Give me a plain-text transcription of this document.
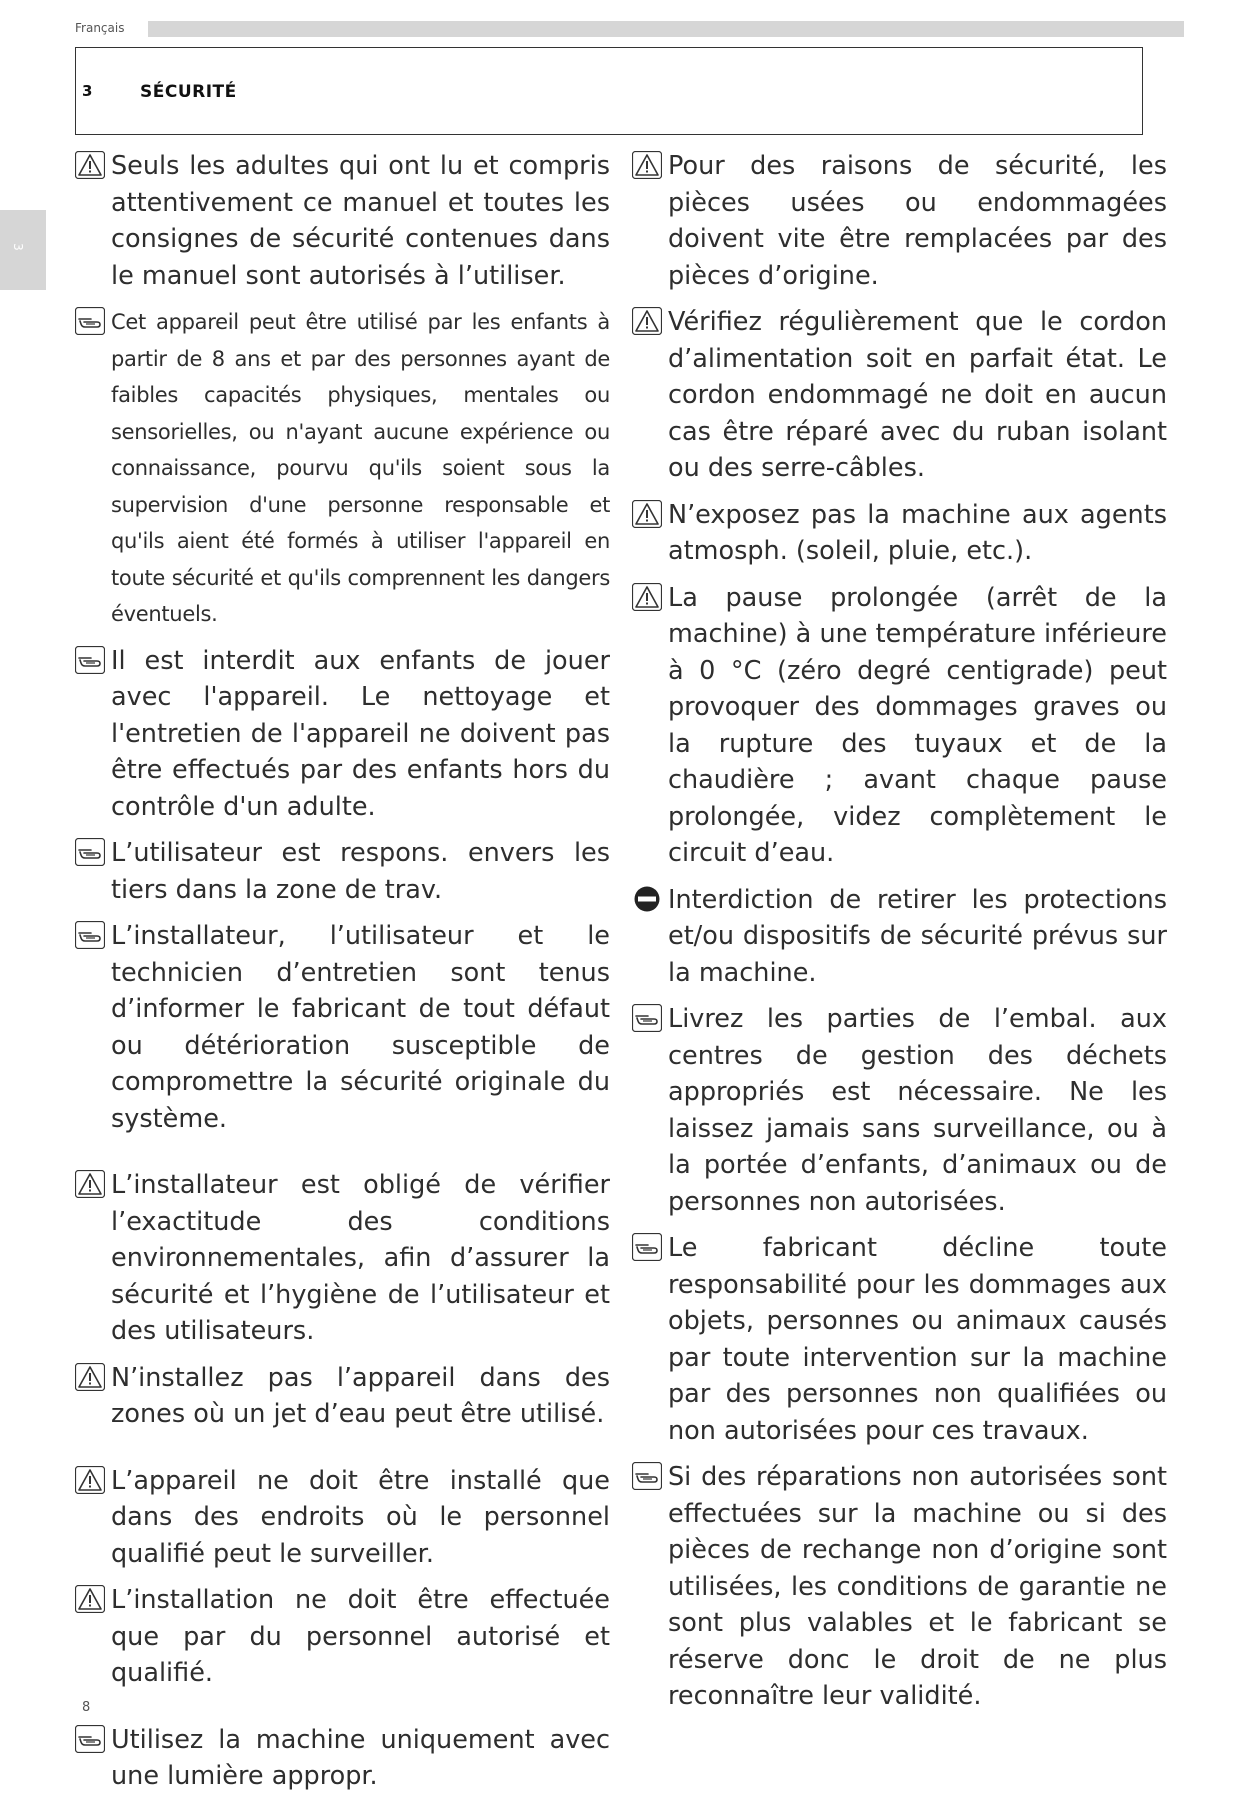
Français
3	SÉCURITÉ
3
Seuls les adultes qui ont lu et compris attentivement ce manuel et toutes les consignes de sécurité contenues dans le manuel sont autorisés à l’utiliser.
Cet appareil peut être utilisé par les enfants à partir de 8 ans et par des personnes ayant de faibles capacités physiques, mentales ou sensorielles, ou n'ayant aucune expérience ou connaissance, pourvu qu'ils soient sous la supervision d'une personne responsable et qu'ils aient été formés à utiliser l'appareil en toute sécurité et qu'ils comprennent les dangers éventuels.
Il est interdit aux enfants de jouer avec l'appareil. Le nettoyage et l'entretien de l'appareil ne doivent pas être effectués par des enfants hors du contrôle d'un adulte.
L’utilisateur est respons. envers les tiers dans la zone de trav.
L’installateur, l’utilisateur et le technicien d’entretien sont tenus d’informer le fabricant de tout défaut ou détérioration susceptible de compromettre la sécurité originale du système.
L’installateur est obligé de vérifier l’exactitude des conditions environnementales, afin d’assurer la sécurité et l’hygiène de l’utilisateur et des utilisateurs.
N’installez pas l’appareil dans des zones où un jet d’eau peut être utilisé.
L’appareil ne doit être installé que dans des endroits où le personnel qualifié peut le surveiller.
L’installation ne doit être effectuée que par du personnel autorisé et qualifié.
Utilisez la machine uniquement avec une lumière appropr.
Pour des raisons de sécurité, les pièces usées ou endommagées doivent vite être remplacées par des pièces d’origine.
Vérifiez régulièrement que le cordon d’alimentation soit en parfait état. Le cordon endommagé ne doit en aucun cas être réparé avec du ruban isolant ou des serre-câbles.
N’exposez pas la machine aux agents atmosph. (soleil, pluie, etc.).
La pause prolongée (arrêt de la machine) à une température inférieure à 0 °C (zéro degré centigrade) peut provoquer des dommages graves ou la rupture des tuyaux et de la chaudière ; avant chaque pause prolongée, videz complètement le circuit d’eau.
Interdiction de retirer les protections et/ou dispositifs de sécurité prévus sur la machine.
Livrez les parties de l’embal. aux centres de gestion des déchets appropriés est nécessaire. Ne les laissez jamais sans surveillance, ou à la portée d’enfants, d’animaux ou de personnes non autorisées.
Le fabricant décline toute responsabilité pour les dommages aux objets, personnes ou animaux causés par toute intervention sur la machine par des personnes non qualifiées ou non autorisées pour ces travaux.
Si des réparations non autorisées sont effectuées sur la machine ou si des pièces de rechange non d’origine sont utilisées, les conditions de garantie ne sont plus valables et le fabricant se réserve donc le droit de ne plus reconnaître leur validité.
8
